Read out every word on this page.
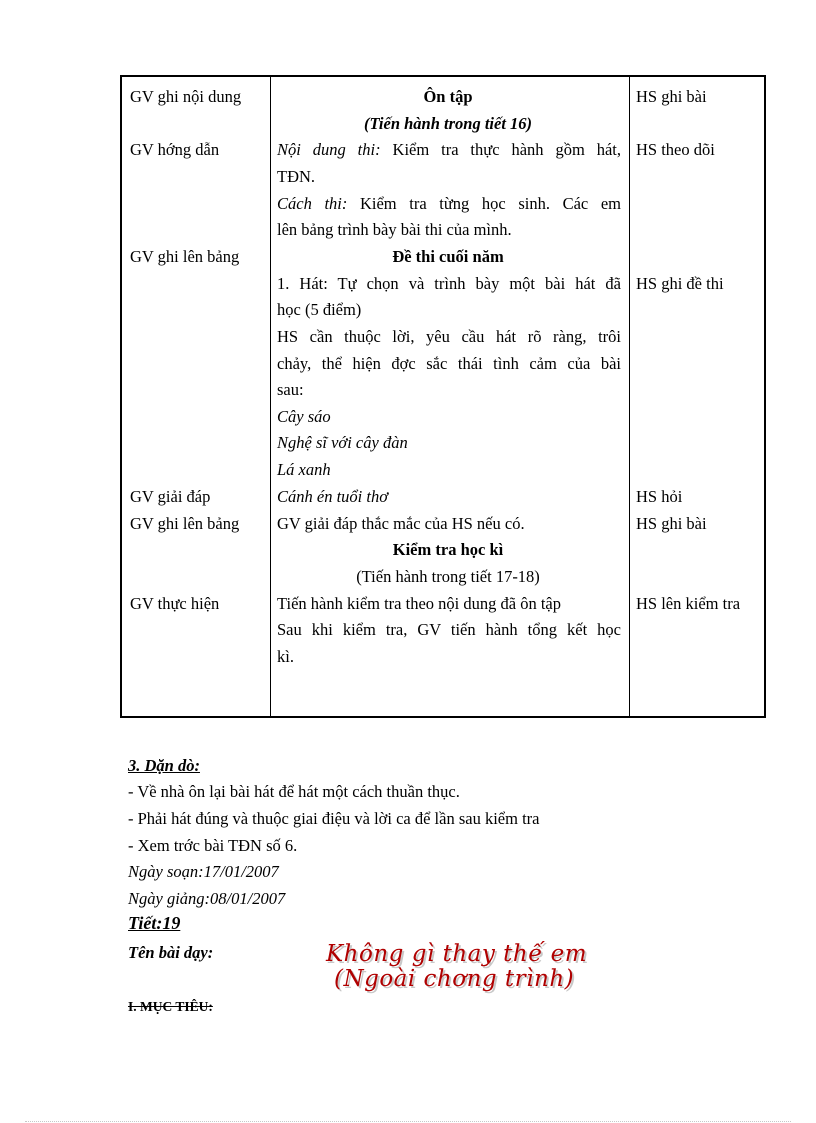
GV ghi nội dung
GV hớng dẫn
GV ghi lên bảng
GV giải đáp
GV ghi lên bảng
GV thực hiện
Ôn tập
(Tiến hành trong tiết 16)
Nội dung thi: Kiểm tra thực hành gồm hát,
TĐN.
Cách thi: Kiểm tra từng học sinh. Các em
lên bảng trình bày bài thi của mình.
Đề thi cuối năm
1. Hát: Tự chọn và trình bày một bài hát đã
học (5 điểm)
HS cần thuộc lời, yêu cầu hát rõ ràng, trôi
chảy, thể hiện đợc sắc thái tình cảm của bài
sau:
Cây sáo
Nghệ sĩ với cây đàn
Lá xanh
Cánh én tuổi thơ
GV giải đáp thắc mắc của HS nếu có.
Kiểm tra học kì
(Tiến hành trong tiết 17-18)
Tiến hành kiểm tra theo nội dung đã ôn tập
Sau khi kiểm tra, GV tiến hành tổng kết học
kì.
HS ghi bài
HS theo dõi
HS ghi đề thi
HS hỏi
HS ghi bài
HS lên kiểm tra
3. Dặn dò:
- Về nhà ôn lại bài hát để hát một cách thuần thục.
- Phải hát đúng và thuộc giai điệu và lời ca để lần sau kiểm tra
- Xem trớc bài TĐN số 6.
Ngày soạn:17/01/2007
Ngày giảng:08/01/2007
Tiết:19
Tên bài dạy:	Không gì thay thế em
(Ngoài chơng trình)
I. MỤC TIÊU:
